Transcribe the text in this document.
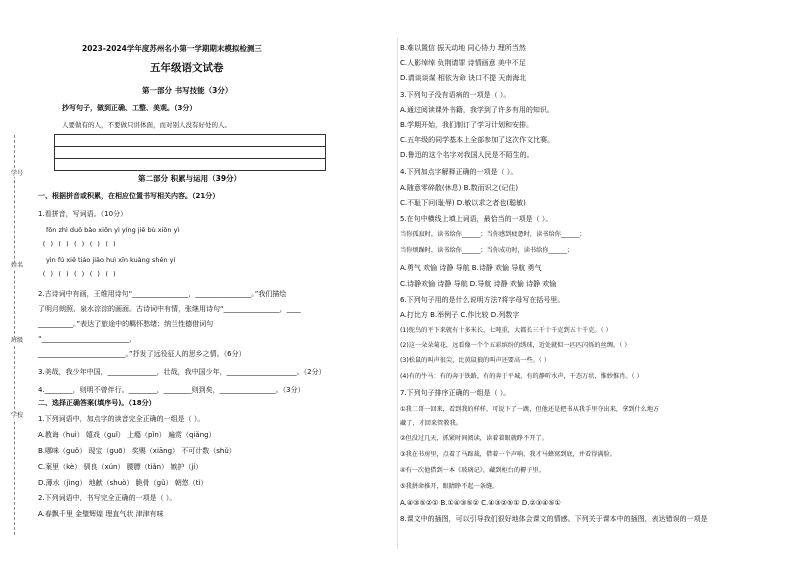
学号
姓名
班级
学校
2023-2024学年度苏州名小第一学期期末模拟检测三
五年级语文试卷
第一部分 书写技能（3分）
抄写句子，做到正确、工整、美观。（3分）
人要做有的人，不要做只讲体面，而对别人没有好处的人。
第二部分 积累与运用（39分）
一、根据拼音或积累，在相应位置书写相关内容。（21分）
1.看拼音，写词语。（10分）
fǒn zhì duō bǎo xiōn yì yíng jiē bù xiōn yì
( ) ( ) ( ) ( ) ( )
yìn fú xiē tiáo jiāo huì xīn kuàng shén yí
( ) ( ) ( ) ( ) ( )
2.古诗词中有画，王维用诗句“________________，________________。”我们描绘
了明月朗照、泉水淙淙的画面。古诗词中有情，张继用诗句“________________，____
__________。”表达了旅途中的羁怀愁绪；纳兰性德借词句
“_________________________，
_________________________。”抒发了远役征人的思乡之情。（6分）
3.美哉，我少年中国，______________，壮哉，我中国少年，____________________。（2分）
4.________，则明不曾伴行。________，________则到矣，________________。（3分）
二、选择正确答案(填序号)。（18分）
1.下列词语中，加点字的读音完全正确的一组是（ ）。
A.教诲（huì） 嬉戏（guǐ） 上瘾（pǐn） 遍赏（qiǎng）
B.哪咪（guǒ） 现宝（guō） 奖赐（xiāng） 不可计数（shǔ）
C.案里（kè） 驯良（xún） 腰膘（tiǎn） 嫉护（jí）
D.薄水（jìng） 地献（shuò） 脆骨（gǔ） 朝悠（tì）
2.下列词语中，书写完全正确的一项是（ ）。
A.春飘千里 金璧辉煌 理直气状 津津有味
B.难以置信 振天动地 同心协力 理所当然
C.人影绰绰 负荆请罪 诗情画意 美中不足
D.请谈谈谋 相依为命 诀口不提 天南海北
3.下列句子没有语病的一项是（ ）。
A.通过阅读课外书籍，我学到了许多有用的知识。
B.学期开始，我们制订了学习计划和安排。
C.五年级的同学基本上全部参加了这次作文比赛。
D.鲁迅的这个名字对我国人民是不陌生的。
4.下列加点字解释正确的一项是（ ）。
A.随意零碎散(休息) B.数而识之(记住)
C.不耻下问(耻辱) D.敏以求之者也(聪敏)
5.在句中横线上填上词语，最恰当的一项是（ ）。
当你孤寂时，读书给你______；当你感到疲惫时，读书给你______；
当你烦躁时，读书给你______；当你成功时，读书给你______；
A.勇气 欢愉 诗静 导航 B.诗静 欢愉 导航 勇气
C.诗静欢愉 诗静 导航 D.导航 诗静 欢愉 诗静 欢愉
6.下列句子用的是什么说明方法?将字母写在括号里。
A.打比方 B.举例子 C.作比较 D.列数字
(1)鸵鸟的平下来就有十多米长，七吨重，大都长三千十千克到五十千克。（ ）
(2)这一朵朵菊花，远看像一个个五彩缤纷的绣球，近处就似一匹匹闪烁的丝绸。（ ）
(3)松鼠的叫声很尖，比黄鼠狼的叫声还要高一些。（ ）
(4)有的牛马：有的奔于铁路，有的奔于平城，有的静听水声，千态万状，惟妙惟肖。（ ）
7.下列句子排序正确的一组是（ ）。
①我二哥一回来，看到我的样样，可说下了一跳，但他还是把书从我手里夺出来，拿到什么地方
藏了，才回来管教我。
②但没过几天，抓紧时间阅读，读着着眼就睁不开了。
③我在书房里，点着了马蹄裁，借着一个声响，我才马蜂窝到底，并看得满脸。
④有一次他借到一本《玻璃记》，藏到柜台的褥子里。
⑤我拼命推开，眼睛睁不起一条缝。
A.④③⑤②① B.①④③⑤② C.④③②⑤① D.②③④⑤①
8.课文中的插图，可以引导我们很好地体会课文的情感。下列关于课本中的插图，表达错误的一项是
